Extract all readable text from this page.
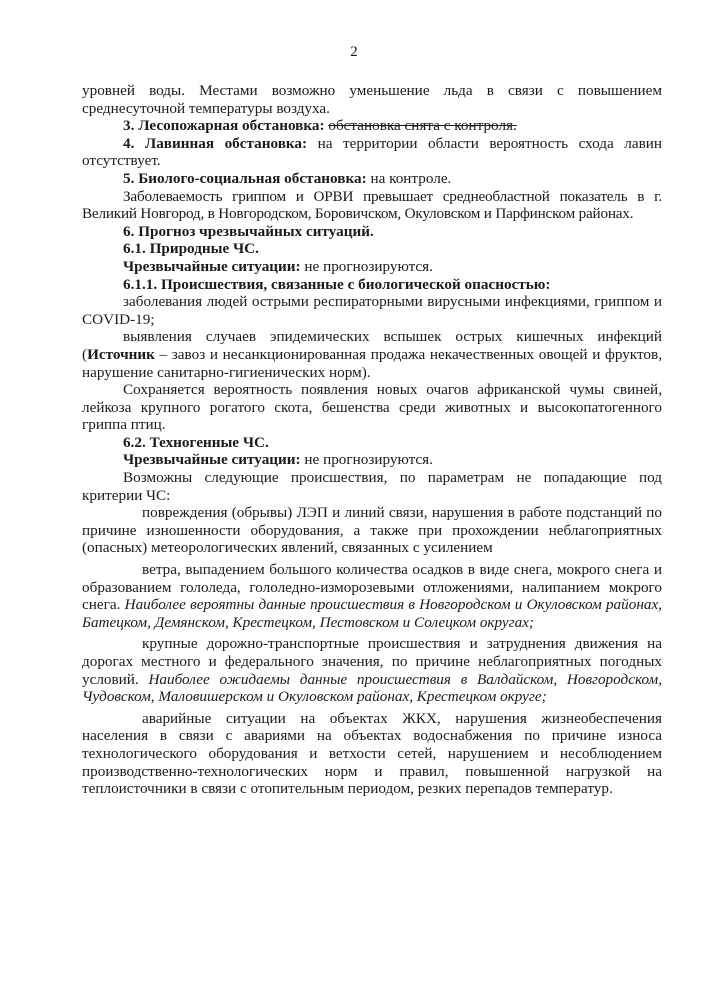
2

уровней воды. Местами возможно уменьшение льда в связи с повышением среднесуточной температуры воздуха.

3. Лесопожарная обстановка: обстановка снята с контроля.

4. Лавинная обстановка: на территории области вероятность схода лавин отсутствует.

5. Биолого-социальная обстановка: на контроле.

Заболеваемость гриппом и ОРВИ превышает среднеобластной показатель в г. Великий Новгород, в Новгородском, Боровичском, Окуловском и Парфинском районах.

6. Прогноз чрезвычайных ситуаций.

6.1. Природные ЧС.

Чрезвычайные ситуации: не прогнозируются.

6.1.1. Происшествия, связанные с биологической опасностью:

заболевания людей острыми респираторными вирусными инфекциями, гриппом и COVID-19;

выявления случаев эпидемических вспышек острых кишечных инфекций (Источник – завоз и несанкционированная продажа некачественных овощей и фруктов, нарушение санитарно-гигиенических норм).

Сохраняется вероятность появления новых очагов африканской чумы свиней, лейкоза крупного рогатого скота, бешенства среди животных и высокопатогенного гриппа птиц.

6.2. Техногенные ЧС.

Чрезвычайные ситуации: не прогнозируются.

Возможны следующие происшествия, по параметрам не попадающие под критерии ЧС:

повреждения (обрывы) ЛЭП и линий связи, нарушения в работе подстанций по причине изношенности оборудования, а также при прохождении неблагоприятных (опасных) метеорологических явлений, связанных с усилением

ветра, выпадением большого количества осадков в виде снега, мокрого снега и образованием гололеда, гололедно-изморозевыми отложениями, налипанием мокрого снега. Наиболее вероятны данные происшествия в Новгородском и Окуловском районах, Батецком, Демянском, Крестецком, Пестовском и Солецком округах;

крупные дорожно-транспортные происшествия и затруднения движения на дорогах местного и федерального значения, по причине неблагоприятных погодных условий. Наиболее ожидаемы данные происшествия в Валдайском, Новгородском, Чудовском, Маловишерском и Окуловском районах, Крестецком округе;

аварийные ситуации на объектах ЖКХ, нарушения жизнеобеспечения населения в связи с авариями на объектах водоснабжения по причине износа технологического оборудования и ветхости сетей, нарушением и несоблюдением производственно-технологических норм и правил, повышенной нагрузкой на теплоисточники в связи с отопительным периодом, резких перепадов температур.
